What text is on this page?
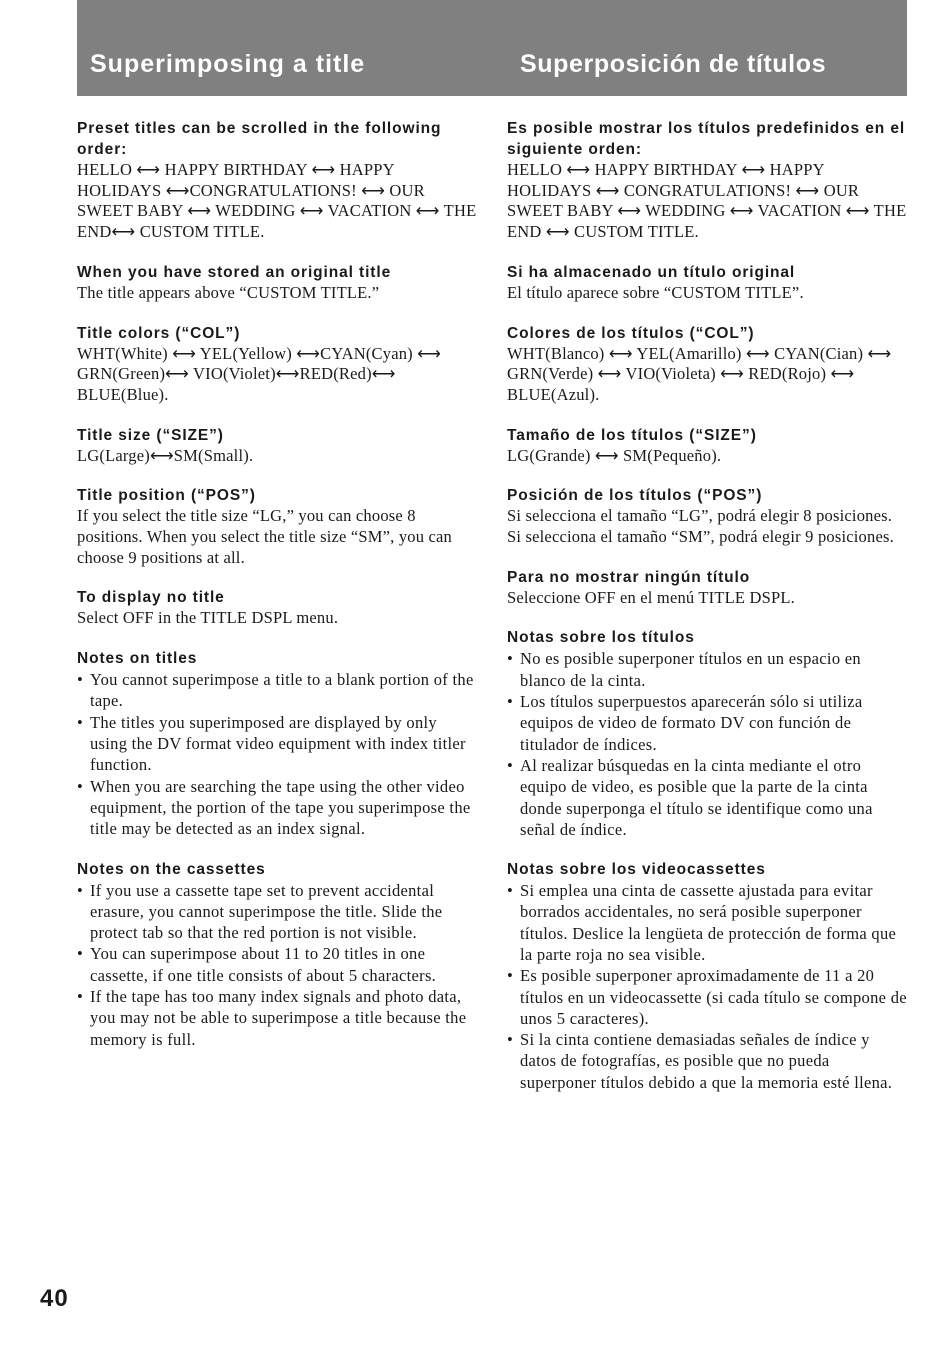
Superimposing a title	Superposición de títulos

Preset titles can be scrolled in the following order:

HELLO ⟷ HAPPY BIRTHDAY ⟷ HAPPY HOLIDAYS ⟷CONGRATULATIONS! ⟷ OUR SWEET BABY ⟷ WEDDING ⟷ VACATION ⟷ THE END⟷ CUSTOM TITLE.

When you have stored an original title

The title appears above “CUSTOM TITLE.”

Title colors (“COL”)

WHT(White) ⟷ YEL(Yellow) ⟷CYAN(Cyan) ⟷ GRN(Green)⟷ VIO(Violet)⟷RED(Red)⟷ BLUE(Blue).

Title size (“SIZE”)

LG(Large)⟷SM(Small).

Title position (“POS”)

If you select the title size “LG,” you can choose 8 positions. When you select the title size “SM”, you can choose 9 positions at all.

To display no title

Select OFF in the TITLE DSPL menu.

Notes on titles

• You cannot superimpose a title to a blank portion of the tape.
• The titles you superimposed are displayed by only using the DV format video equipment with index titler function.
• When you are searching the tape using the other video equipment, the portion of the tape you superimpose the title may be detected as an index signal.

Notes on the cassettes

• If you use a cassette tape set to prevent accidental erasure, you cannot superimpose the title. Slide the protect tab so that the red portion is not visible.
• You can superimpose about 11 to 20 titles in one cassette, if one title consists of about 5 characters.
• If the tape has too many index signals and photo data, you may not be able to superimpose a title because the memory is full.

Es posible mostrar los títulos predefinidos en el siguiente orden:

HELLO ⟷ HAPPY BIRTHDAY ⟷ HAPPY HOLIDAYS ⟷ CONGRATULATIONS! ⟷ OUR SWEET BABY ⟷ WEDDING ⟷ VACATION ⟷ THE END ⟷ CUSTOM TITLE.

Si ha almacenado un título original

El título aparece sobre “CUSTOM TITLE”.

Colores de los títulos (“COL”)

WHT(Blanco) ⟷ YEL(Amarillo) ⟷ CYAN(Cian) ⟷ GRN(Verde) ⟷ VIO(Violeta) ⟷ RED(Rojo) ⟷ BLUE(Azul).

Tamaño de los títulos (“SIZE”)

LG(Grande) ⟷ SM(Pequeño).

Posición de los títulos (“POS”)

Si selecciona el tamaño “LG”, podrá elegir 8 posiciones. Si selecciona el tamaño “SM”, podrá elegir 9 posiciones.

Para no mostrar ningún título

Seleccione OFF en el menú TITLE DSPL.

Notas sobre los títulos

• No es posible superponer títulos en un espacio en blanco de la cinta.
• Los títulos superpuestos aparecerán sólo si utiliza equipos de video de formato DV con función de titulador de índices.
• Al realizar búsquedas en la cinta mediante el otro equipo de video, es posible que la parte de la cinta donde superponga el título se identifique como una señal de índice.

Notas sobre los videocassettes

• Si emplea una cinta de cassette ajustada para evitar borrados accidentales, no será posible superponer títulos. Deslice la lengüeta de protección de forma que la parte roja no sea visible.
• Es posible superponer aproximadamente de 11 a 20 títulos en un videocassette (si cada título se compone de unos 5 caracteres).
• Si la cinta contiene demasiadas señales de índice y datos de fotografías, es posible que no pueda superponer títulos debido a que la memoria esté llena.
40
